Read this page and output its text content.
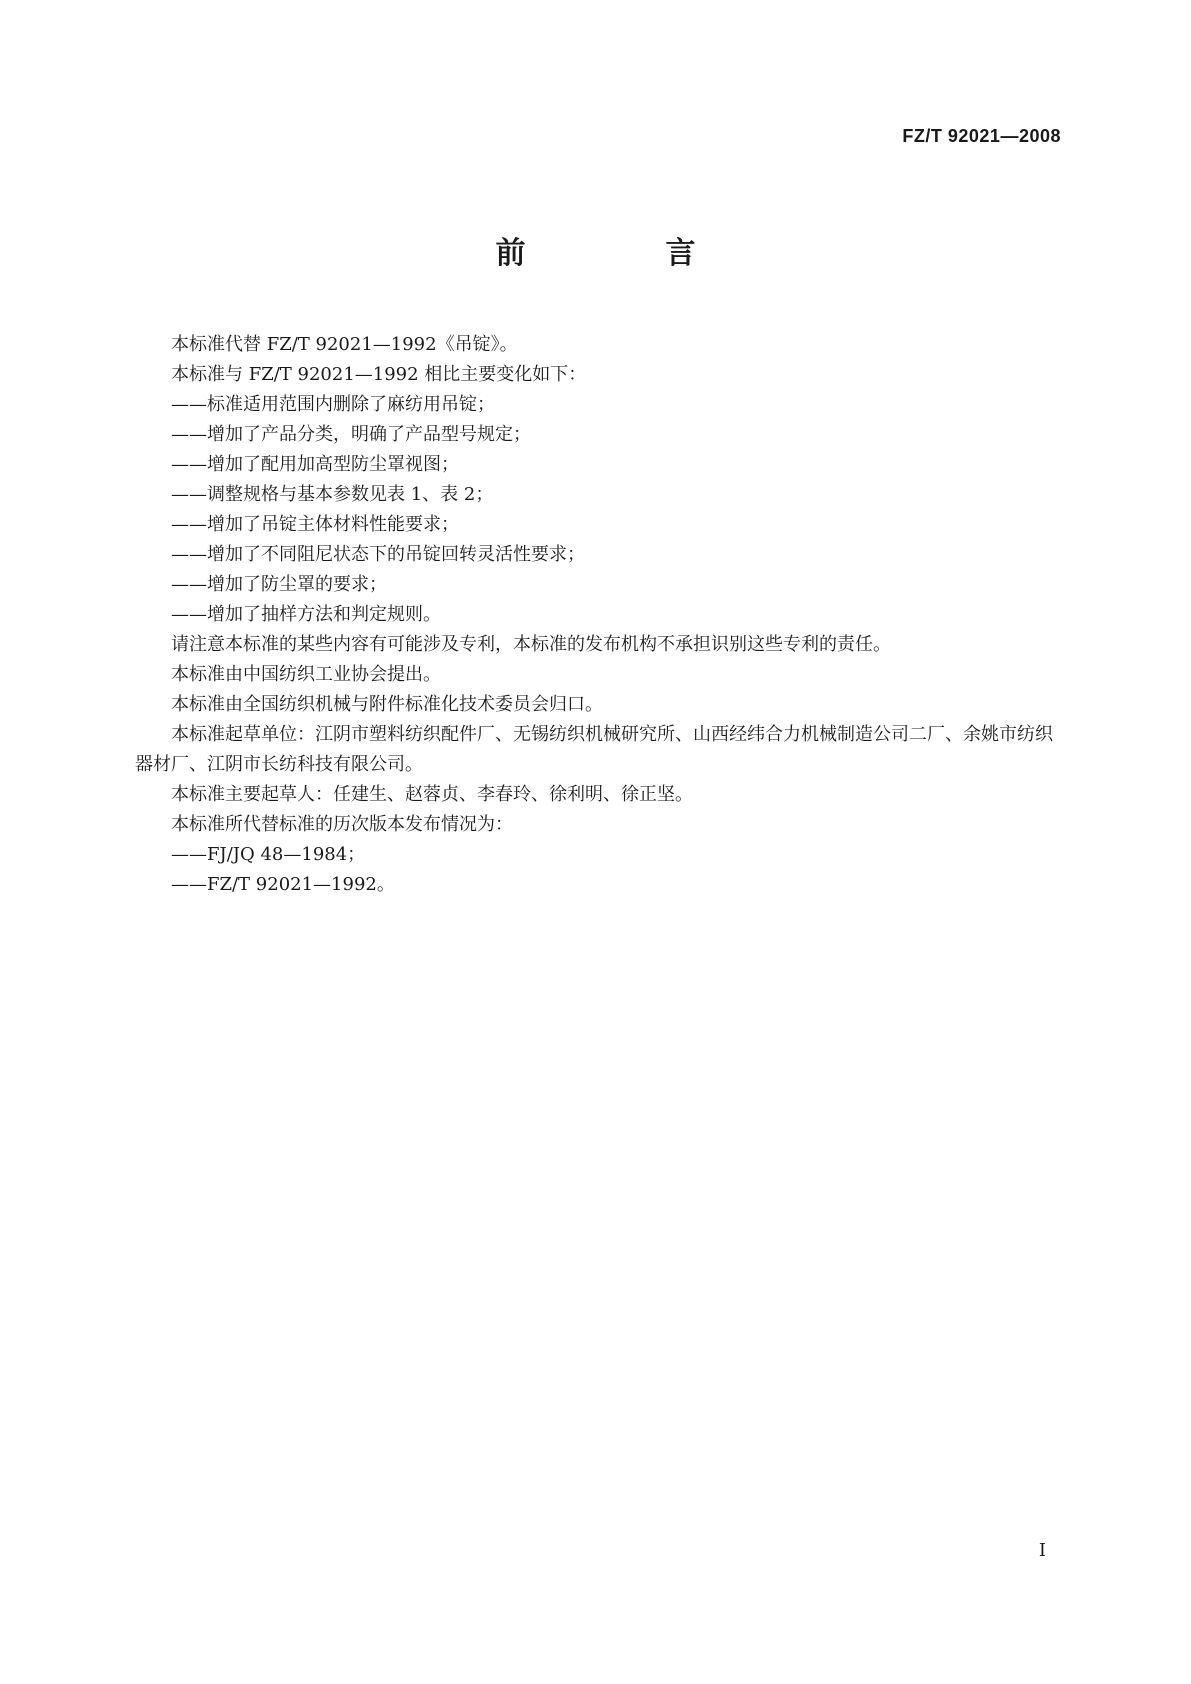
FZ/T 92021—2008
前　言

本标准代替 FZ/T 92021—1992《吊锭》。

本标准与 FZ/T 92021—1992 相比主要变化如下：

——标准适用范围内删除了麻纺用吊锭；

——增加了产品分类，明确了产品型号规定；

——增加了配用加高型防尘罩视图；

——调整规格与基本参数见表 1、表 2；

——增加了吊锭主体材料性能要求；

——增加了不同阻尼状态下的吊锭回转灵活性要求；

——增加了防尘罩的要求；

——增加了抽样方法和判定规则。

请注意本标准的某些内容有可能涉及专利，本标准的发布机构不承担识别这些专利的责任。

本标准由中国纺织工业协会提出。

本标准由全国纺织机械与附件标准化技术委员会归口。

本标准起草单位：江阴市塑料纺织配件厂、无锡纺织机械研究所、山西经纬合力机械制造公司二厂、余姚市纺织器材厂、江阴市长纺科技有限公司。

本标准主要起草人：任建生、赵蓉贞、李春玲、徐利明、徐正坚。

本标准所代替标准的历次版本发布情况为：

——FJ/JQ 48—1984；

——FZ/T 92021—1992。

I
